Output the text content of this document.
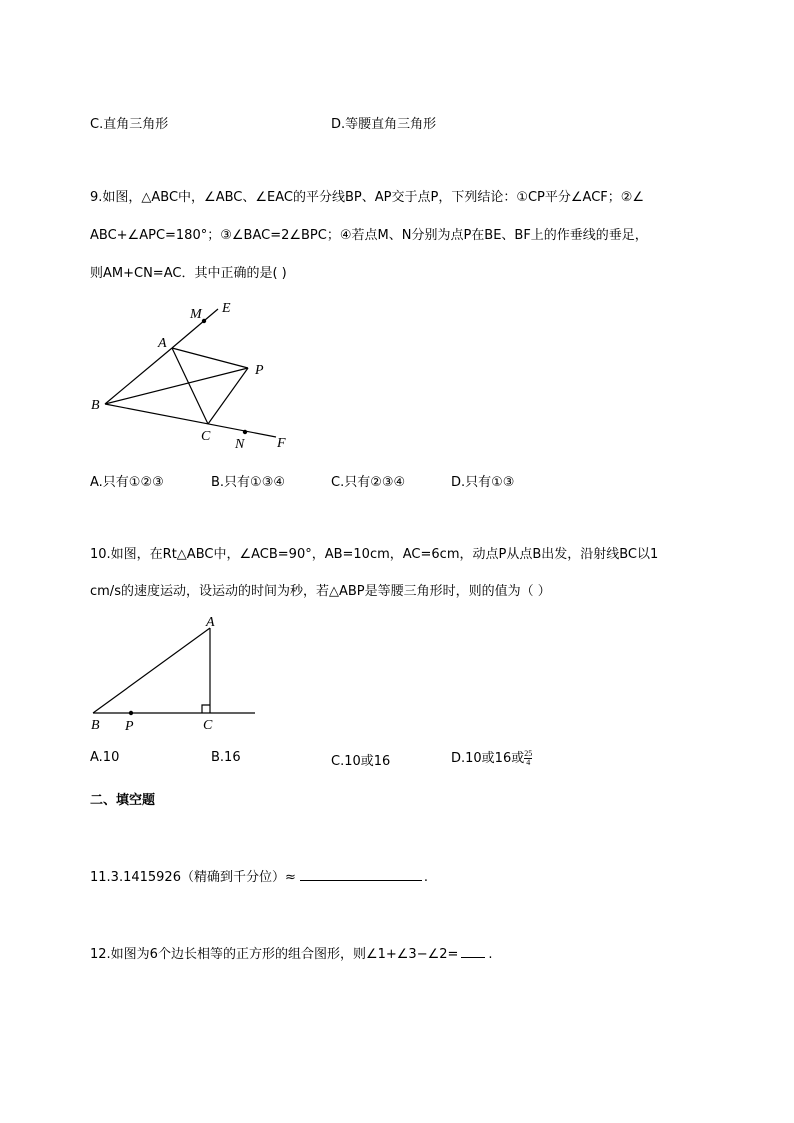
C.直角三角形	D.等腰直角三角形
9.如图，△ABC中，∠ABC、∠EAC的平分线BP、AP交于点P，下列结论：①CP平分∠ACF；②∠
ABC+∠APC=180°；③∠BAC=2∠BPC；④若点M、N分别为点P在BE、BF上的作垂线的垂足，
则AM+CN=AC．其中正确的是( )
M E
A
P
B
C
N F
A.只有①②③	B.只有①③④	C.只有②③④	D.只有①③
10.如图，在Rt△ABC中，∠ACB=90°，AB=10cm，AC=6cm，动点P从点B出发，沿射线BC以1
cm/s的速度运动，设运动的时间为秒，若△ABP是等腰三角形时，则的值为（ ）
A
B P	C
A.10	B.16	C.10或16	D.10或16或 $\frac{25}{4}$
二、填空题
11.3.1415926（精确到千分位）≈	.
12.如图为6个边长相等的正方形的组合图形，则∠1+∠3−∠2= .
